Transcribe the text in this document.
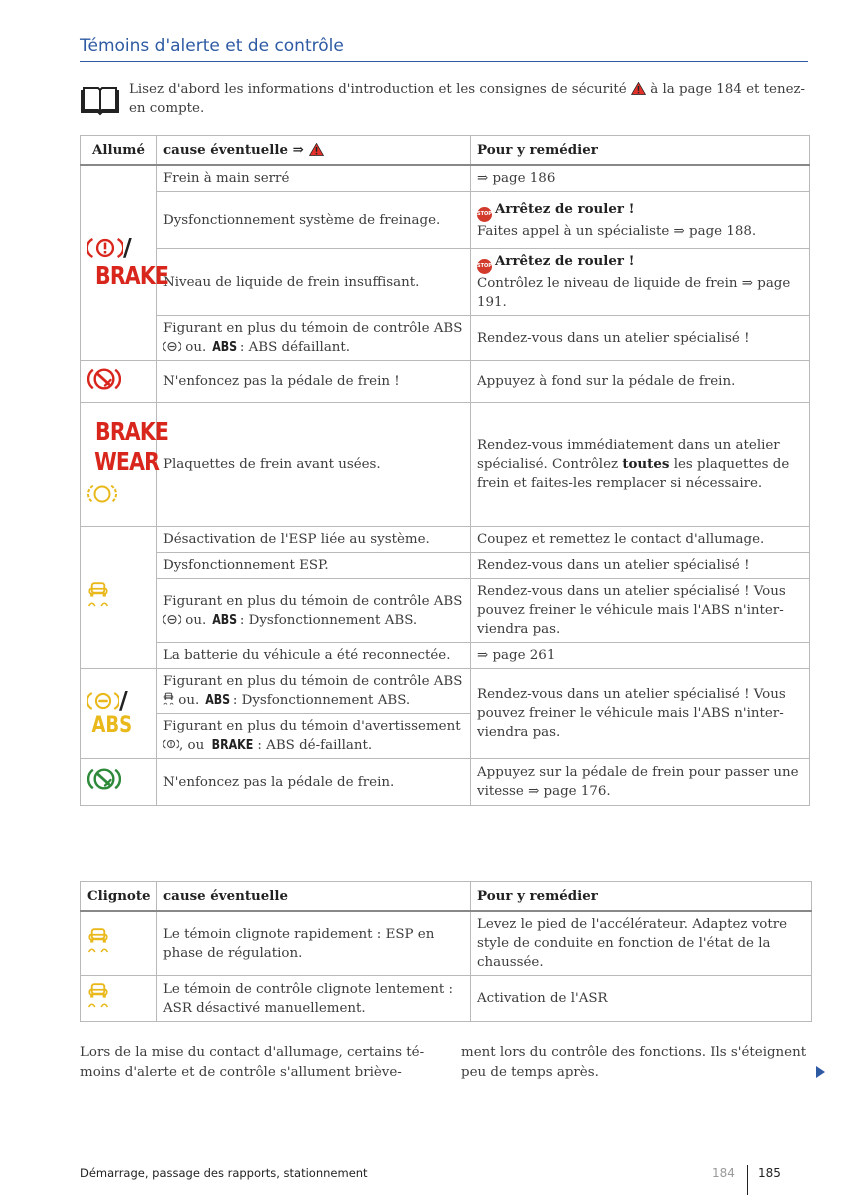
Témoins d'alerte et de contrôle
Lisez d'abord les informations d'introduction et les consignes de sécurité à la page 184 et tenez-
en compte.
Allumé	cause éventuelle ⇒	Pour y remédier
/
BRAKE	Frein à main serré	⇒ page 186
	Dysfonctionnement système de freinage.	STOP Arrêtez de rouler !
Faites appel à un spécialiste ⇒ page 188.
	Niveau de liquide de frein insuffisant.	STOP Arrêtez de rouler !
Contrôlez le niveau de liquide de frein ⇒ page 191.
	Figurant en plus du témoin de contrôle ABS  ou. ABS : ABS défaillant.	Rendez-vous dans un atelier spécialisé !
	N'enfoncez pas la pédale de frein !	Appuyez à fond sur la pédale de frein.
BRAKE
WEAR	Plaquettes de frein avant usées.	Rendez-vous immédiatement dans un atelier spécialisé. Contrôlez toutes les plaquettes de frein et faites-les remplacer si nécessaire.
	Désactivation de l'ESP liée au système.	Coupez et remettez le contact d'allumage.
	Dysfonctionnement ESP.	Rendez-vous dans un atelier spécialisé !
	Figurant en plus du témoin de contrôle ABS  ou. ABS : Dysfonctionnement ABS.	Rendez-vous dans un atelier spécialisé ! Vous pouvez freiner le véhicule mais l'ABS n'inter-viendra pas.
	La batterie du véhicule a été reconnectée.	⇒ page 261
/
ABS	Figurant en plus du témoin de contrôle ABS  ou. ABS : Dysfonctionnement ABS.	Rendez-vous dans un atelier spécialisé ! Vous pouvez freiner le véhicule mais l'ABS n'inter-viendra pas.
	Figurant en plus du témoin d'avertissement , ou BRAKE : ABS dé-faillant.	
	N'enfoncez pas la pédale de frein.	Appuyez sur la pédale de frein pour passer une vitesse ⇒ page 176.
Clignote	cause éventuelle	Pour y remédier
	Le témoin clignote rapidement : ESP en phase de régulation.	Levez le pied de l'accélérateur. Adaptez votre style de conduite en fonction de l'état de la chaussée.
	Le témoin de contrôle clignote lentement : ASR désactivé manuellement.	Activation de l'ASR
Lors de la mise du contact d'allumage, certains té-moins d'alerte et de contrôle s'allument briève-
ment lors du contrôle des fonctions. Ils s'éteignent peu de temps après.
Démarrage, passage des rapports, stationnement	184 185
